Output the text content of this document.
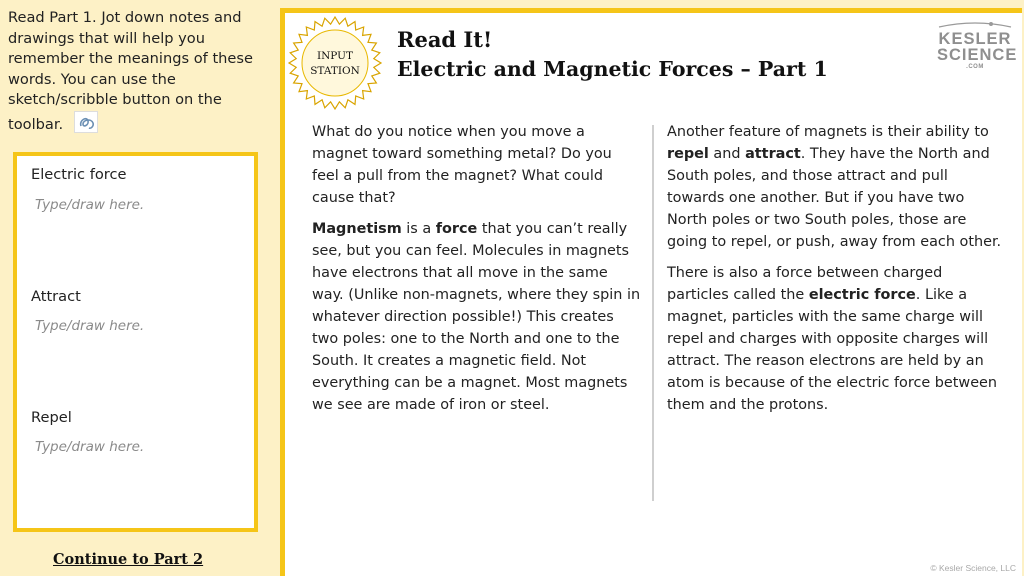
Read Part 1. Jot down notes and drawings that will help you remember the meanings of these words. You can use the sketch/scribble button on the toolbar.
Electric force
Type/draw here.
Attract
Type/draw here.
Repel
Type/draw here.
Continue to Part 2
INPUT
STATION
Read It!
Electric and Magnetic Forces – Part 1
KESLER
SCIENCE
.COM

What do you notice when you move a magnet toward something metal? Do you feel a pull from the magnet? What could cause that?

Magnetism is a force that you can’t really see, but you can feel. Molecules in magnets have electrons that all move in the same way. (Unlike non-magnets, where they spin in whatever direction possible!) This creates two poles: one to the North and one to the South. It creates a magnetic field. Not everything can be a magnet. Most magnets we see are made of iron or steel.

Another feature of magnets is their ability to repel and attract. They have the North and South poles, and those attract and pull towards one another. But if you have two North poles or two South poles, those are going to repel, or push, away from each other.

There is also a force between charged particles called the electric force. Like a magnet, particles with the same charge will repel and charges with opposite charges will attract. The reason electrons are held by an atom is because of the electric force between them and the protons.

© Kesler Science, LLC
